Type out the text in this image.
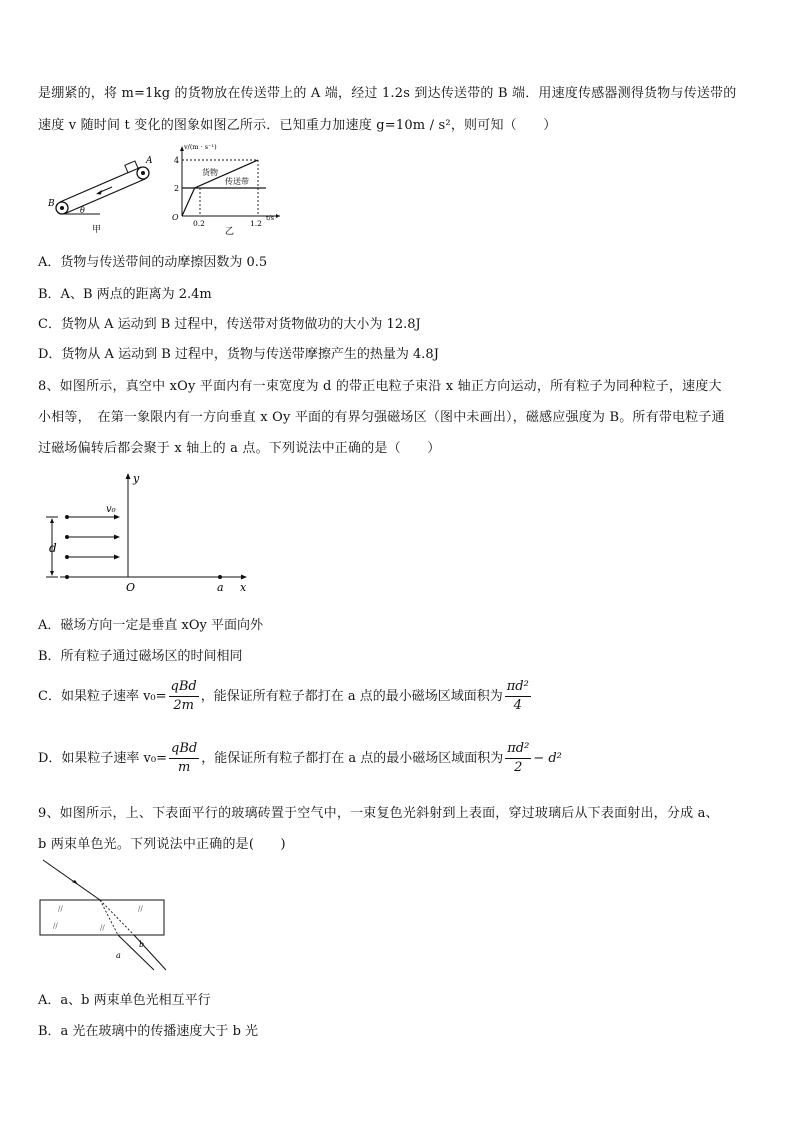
是绷紧的，将 m=1kg 的货物放在传送带上的 A 端，经过 1.2s 到达传送带的 B 端．用速度传感器测得货物与传送带的
速度 v 随时间 t 变化的图象如图乙所示．已知重力加速度 g=10m / s²，则可知（　　）
B
A
θ
甲
v/(m · s⁻¹)
4
2
O
0.2	1.2
t/s
货物
传送带
乙
A．货物与传送带间的动摩擦因数为 0.5
B．A、B 两点的距离为 2.4m
C．货物从 A 运动到 B 过程中，传送带对货物做功的大小为 12.8J
D．货物从 A 运动到 B 过程中，货物与传送带摩擦产生的热量为 4.8J
8、如图所示，真空中 xOy 平面内有一束宽度为 d 的带正电粒子束沿 x 轴正方向运动，所有粒子为同种粒子，速度大
小相等，　在第一象限内有一方向垂直 x Oy 平面的有界匀强磁场区（图中未画出），磁感应强度为 B。所有带电粒子通
过磁场偏转后都会聚于 x 轴上的 a 点。下列说法中正确的是（　　）
y
v₀
d
O	a x
A．磁场方向一定是垂直 xOy 平面向外
B．所有粒子通过磁场区的时间相同
C．如果粒子速率 $v_0= \frac{\text{qBd}}{2m}$ ，能保证所有粒子都打在 a 点的最小磁场区域面积为 $\frac{\text{πd²}}{4}$
D．如果粒子速率 $v_0= \frac{\text{qBd}}{m}$ ，能保证所有粒子都打在 a 点的最小磁场区域面积为 $\frac{\text{πd²}}{2} - d^2$
9、如图所示，上、下表面平行的玻璃砖置于空气中，一束复色光斜射到上表面，穿过玻璃后从下表面射出，分成 a、
b 两束单色光。下列说法中正确的是(　　)
//	//
//
//
a
b
A．a、b 两束单色光相互平行
B．a 光在玻璃中的传播速度大于 b 光
